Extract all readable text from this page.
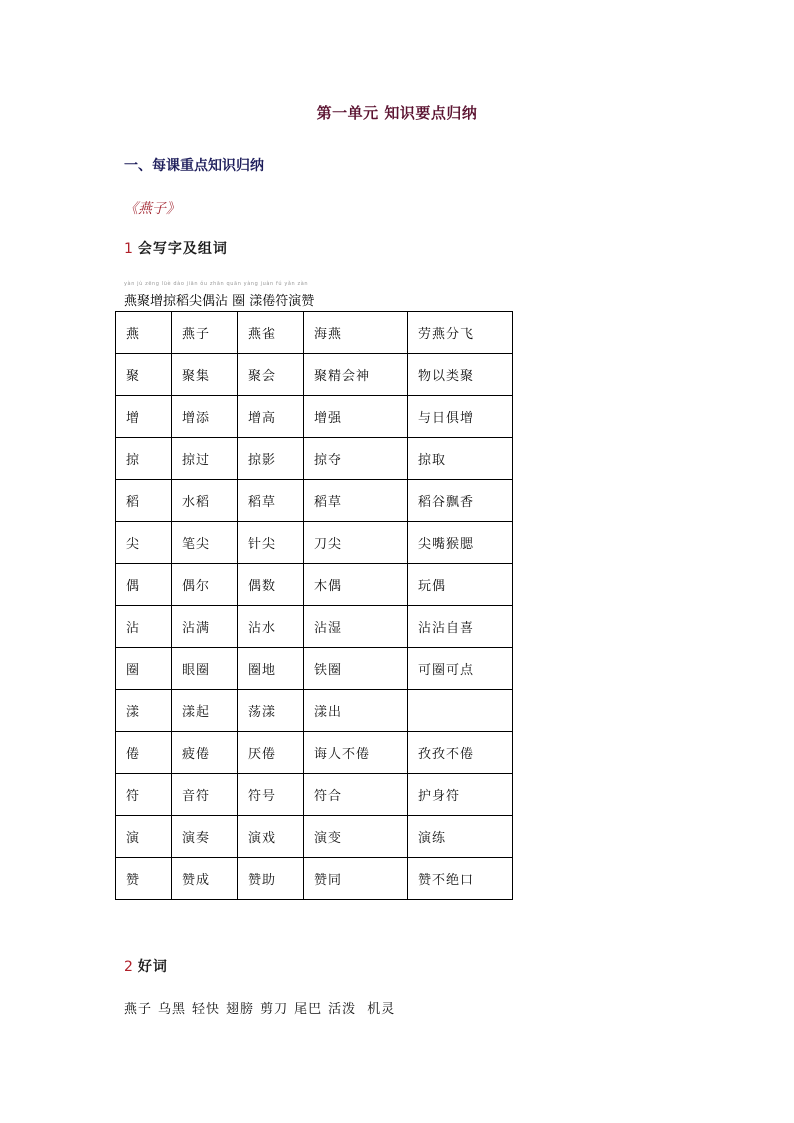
第一单元 知识要点归纳
一、每课重点知识归纳
《燕子》
1 会写字及组词
yàn jù zēng lüè dào jiān ǒu zhān quān yàng juàn fú yǎn zàn
燕聚增掠稻尖偶沾 圈 漾倦符演赞
燕	燕子	燕雀	海燕	劳燕分飞
聚	聚集	聚会	聚精会神	物以类聚
增	增添	增高	增强	与日俱增
掠	掠过	掠影	掠夺	掠取
稻	水稻	稻草	稻草	稻谷飘香
尖	笔尖	针尖	刀尖	尖嘴猴腮
偶	偶尔	偶数	木偶	玩偶
沾	沾满	沾水	沾湿	沾沾自喜
圈	眼圈	圈地	铁圈	可圈可点
漾	漾起	荡漾	漾出	
倦	疲倦	厌倦	诲人不倦	孜孜不倦
符	音符	符号	符合	护身符
演	演奏	演戏	演变	演练
赞	赞成	赞助	赞同	赞不绝口
2 好词
燕子 乌黑 轻快 翅膀 剪刀 尾巴 活泼 机灵
